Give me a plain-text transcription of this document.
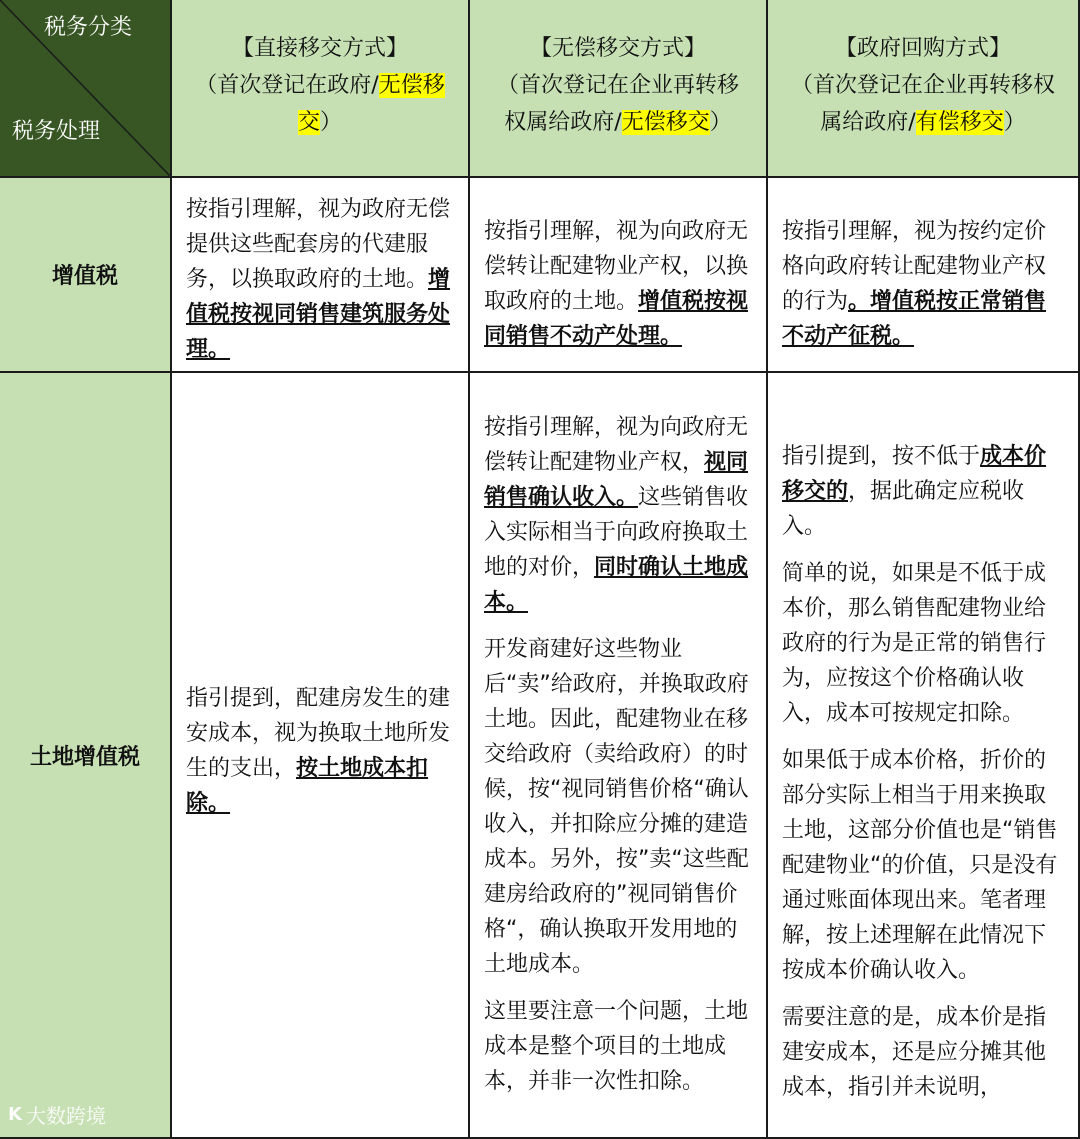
税务分类
税务处理
【直接移交方式】
（首次登记在政府/无偿移
交）
【无偿移交方式】
（首次登记在企业再转移
权属给政府/无偿移交）
【政府回购方式】
（首次登记在企业再转移权
属给政府/有偿移交）
增值税
按指引理解，视为政府无偿提供这些配套房的代建服务，以换取政府的土地。增值税按视同销售建筑服务处理。
按指引理解，视为向政府无偿转让配建物业产权，以换取政府的土地。增值税按视同销售不动产处理。
按指引理解，视为按约定价格向政府转让配建物业产权的行为。增值税按正常销售不动产征税。
土地增值税
指引提到，配建房发生的建安成本，视为换取土地所发生的支出，按土地成本扣除。

按指引理解，视为向政府无偿转让配建物业产权，视同销售确认收入。这些销售收入实际相当于向政府换取土地的对价，同时确认土地成本。

开发商建好这些物业后“卖”给政府，并换取政府土地。因此，配建物业在移交给政府（卖给政府）的时候，按“视同销售价格“确认收入，并扣除应分摊的建造成本。另外，按”卖“这些配建房给政府的”视同销售价格“，确认换取开发用地的土地成本。

这里要注意一个问题，土地成本是整个项目的土地成本，并非一次性扣除。

指引提到，按不低于成本价移交的，据此确定应税收入。

简单的说，如果是不低于成本价，那么销售配建物业给政府的行为是正常的销售行为，应按这个价格确认收入，成本可按规定扣除。

如果低于成本价格，折价的部分实际上相当于用来换取土地，这部分价值也是“销售配建物业“的价值，只是没有通过账面体现出来。笔者理解，按上述理解在此情况下按成本价确认收入。

需要注意的是，成本价是指建安成本，还是应分摊其他成本，指引并未说明，

K 大数跨境
